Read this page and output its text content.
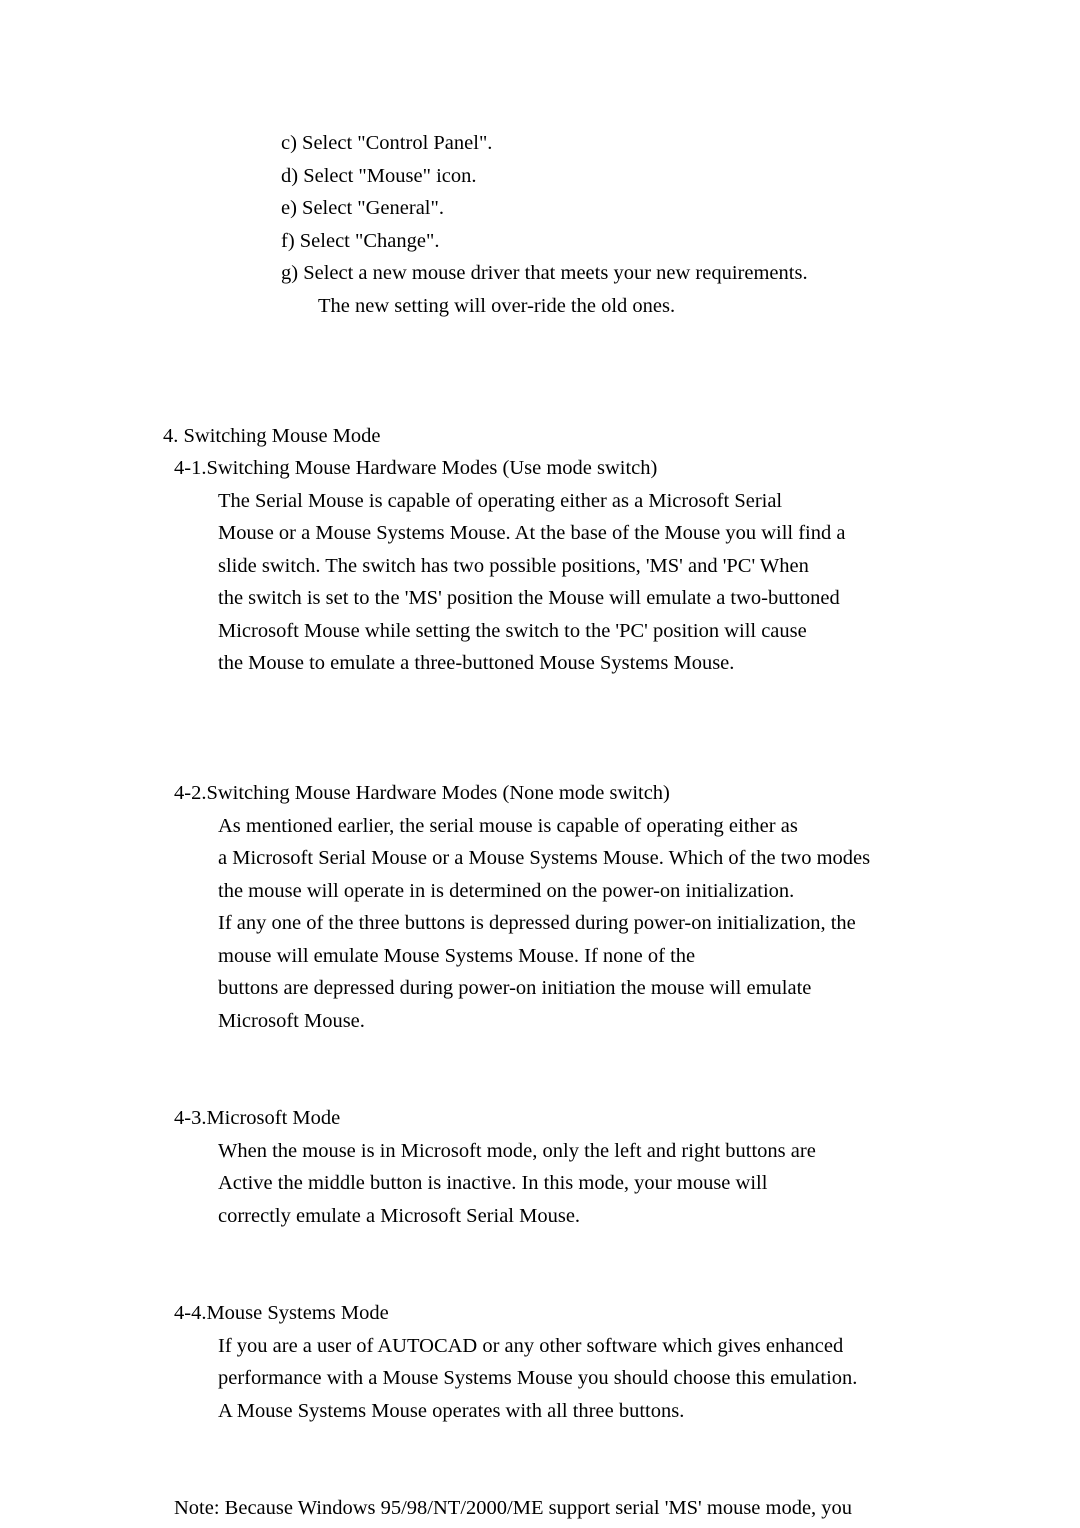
c) Select "Control Panel".
d) Select "Mouse" icon.
e) Select "General".
f) Select "Change".
g) Select a new mouse driver that meets your new requirements.
The new setting will over-ride the old ones.
4. Switching Mouse Mode
4-1.Switching Mouse Hardware Modes (Use mode switch)
The Serial Mouse is capable of operating either as a Microsoft Serial
Mouse or a Mouse Systems Mouse. At the base of the Mouse you will find a
slide switch. The switch has two possible positions, 'MS' and 'PC' When
the switch is set to the 'MS' position the Mouse will emulate a two-buttoned
Microsoft Mouse while setting the switch to the 'PC' position will cause
the Mouse to emulate a three-buttoned Mouse Systems Mouse.
4-2.Switching Mouse Hardware Modes (None mode switch)
As mentioned earlier, the serial mouse is capable of operating either as
a Microsoft Serial Mouse or a Mouse Systems Mouse. Which of the two modes
the mouse will operate in is determined on the power-on initialization.
If any one of the three buttons is depressed during power-on initialization, the
mouse will emulate Mouse Systems Mouse. If none of the
buttons are depressed during power-on initiation the mouse will emulate
Microsoft Mouse.
4-3.Microsoft Mode
When the mouse is in Microsoft mode, only the left and right buttons are
Active the middle button is inactive. In this mode, your mouse will
correctly emulate a Microsoft Serial Mouse.
4-4.Mouse Systems Mode
If you are a user of AUTOCAD or any other software which gives enhanced
performance with a Mouse Systems Mouse you should choose this emulation.
A Mouse Systems Mouse operates with all three buttons.
Note: Because Windows 95/98/NT/2000/ME support serial 'MS' mouse mode, you
